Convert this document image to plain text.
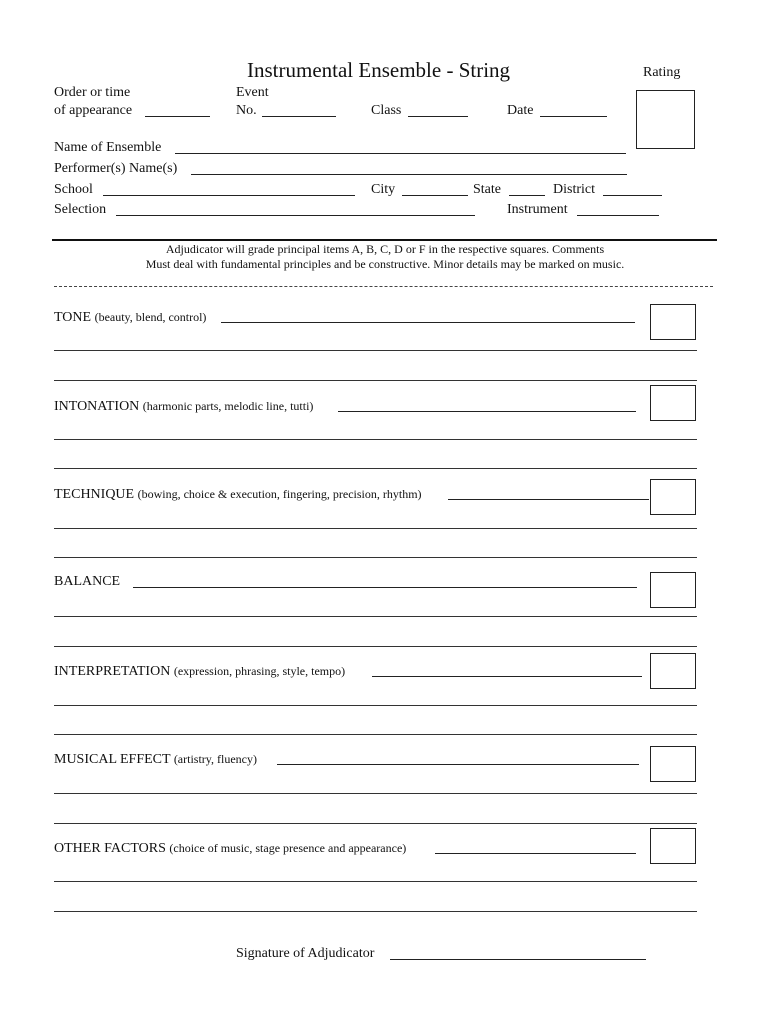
Instrumental Ensemble - String	Rating
Order or time
of appearance
Event
No.	Class	Date
Name of Ensemble
Performer(s) Name(s)
School	City	State	District
Selection	Instrument
Adjudicator will grade principal items A, B, C, D or F in the respective squares. Comments
Must deal with fundamental principles and be constructive. Minor details may be marked on music.
TONE (beauty, blend, control)
INTONATION (harmonic parts, melodic line, tutti)
TECHNIQUE (bowing, choice & execution, fingering, precision, rhythm)
BALANCE
INTERPRETATION (expression, phrasing, style, tempo)
MUSICAL EFFECT (artistry, fluency)
OTHER FACTORS (choice of music, stage presence and appearance)
Signature of Adjudicator
